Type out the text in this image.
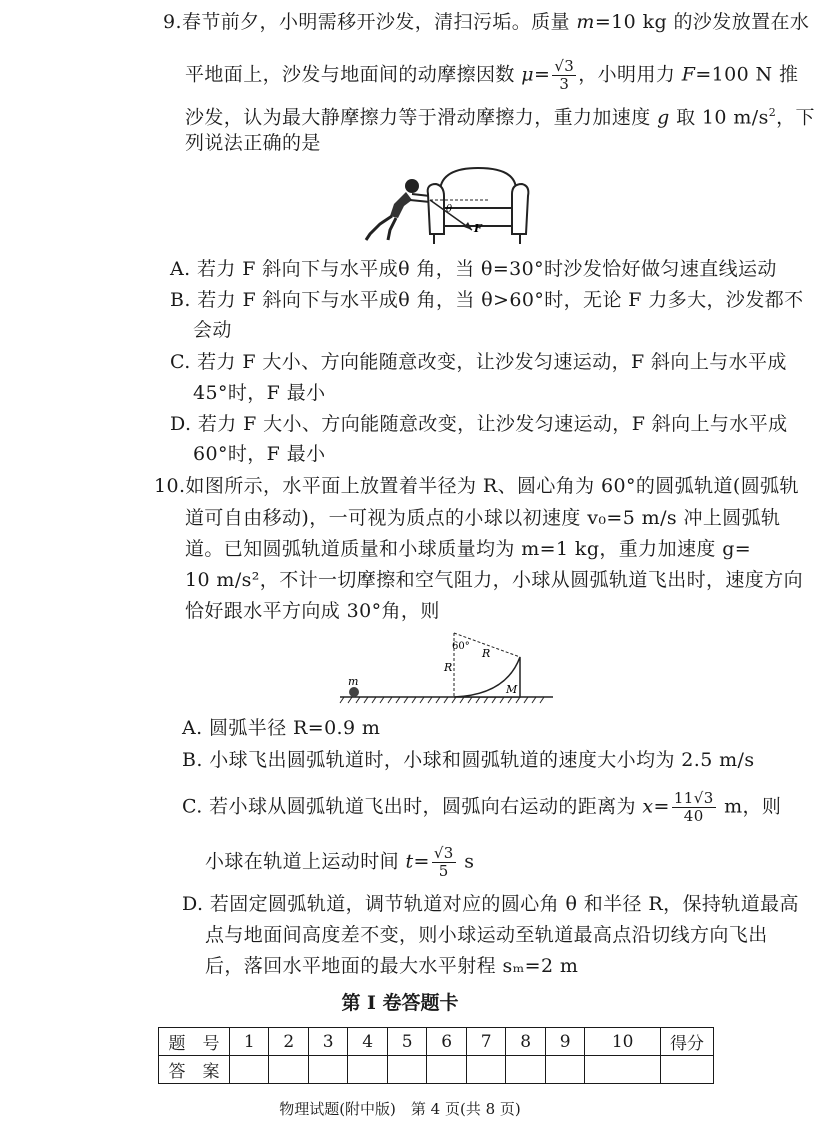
9.春节前夕，小明需移开沙发，清扫污垢。质量 m=10 kg 的沙发放置在水
平地面上，沙发与地面间的动摩擦因数 $\mu= \frac{√3}{3}$ ，小明用力 F=100 N 推
沙发，认为最大静摩擦力等于滑动摩擦力，重力加速度 g 取 10 $m/s^2$，下
列说法正确的是
θ
F
A. 若力 F 斜向下与水平成θ 角，当 θ=30°时沙发恰好做匀速直线运动
B. 若力 F 斜向下与水平成θ 角，当 θ>60°时，无论 F 力多大，沙发都不
会动
C. 若力 F 大小、方向能随意改变，让沙发匀速运动，F 斜向上与水平成
45°时，F 最小
D. 若力 F 大小、方向能随意改变，让沙发匀速运动，F 斜向上与水平成
60°时，F 最小
10.如图所示，水平面上放置着半径为 R、圆心角为 60°的圆弧轨道(圆弧轨
道可自由移动)，一可视为质点的小球以初速度 v₀=5 m/s 冲上圆弧轨
道。已知圆弧轨道质量和小球质量均为 m=1 kg，重力加速度 g=
10 m/s²，不计一切摩擦和空气阻力，小球从圆弧轨道飞出时，速度方向
恰好跟水平方向成 30°角，则
m
60°
R
R
M
A. 圆弧半径 R=0.9 m
B. 小球飞出圆弧轨道时，小球和圆弧轨道的速度大小均为 2.5 m/s
C. 若小球从圆弧轨道飞出时，圆弧向右运动的距离为 $x= \frac{11√3}{40}$ m，则
小球在轨道上运动时间 $t= \frac{√3}{5}$ s
D. 若固定圆弧轨道，调节轨道对应的圆心角 θ 和半径 R，保持轨道最高
点与地面间高度差不变，则小球运动至轨道最高点沿切线方向飞出
后，落回水平地面的最大水平射程 sₘ=2 m
第 Ⅰ 卷答题卡
题　号	1	2	3	4	5	6	7	8	9	10	得分
答　案											
物理试题(附中版)　第 4 页(共 8 页)
